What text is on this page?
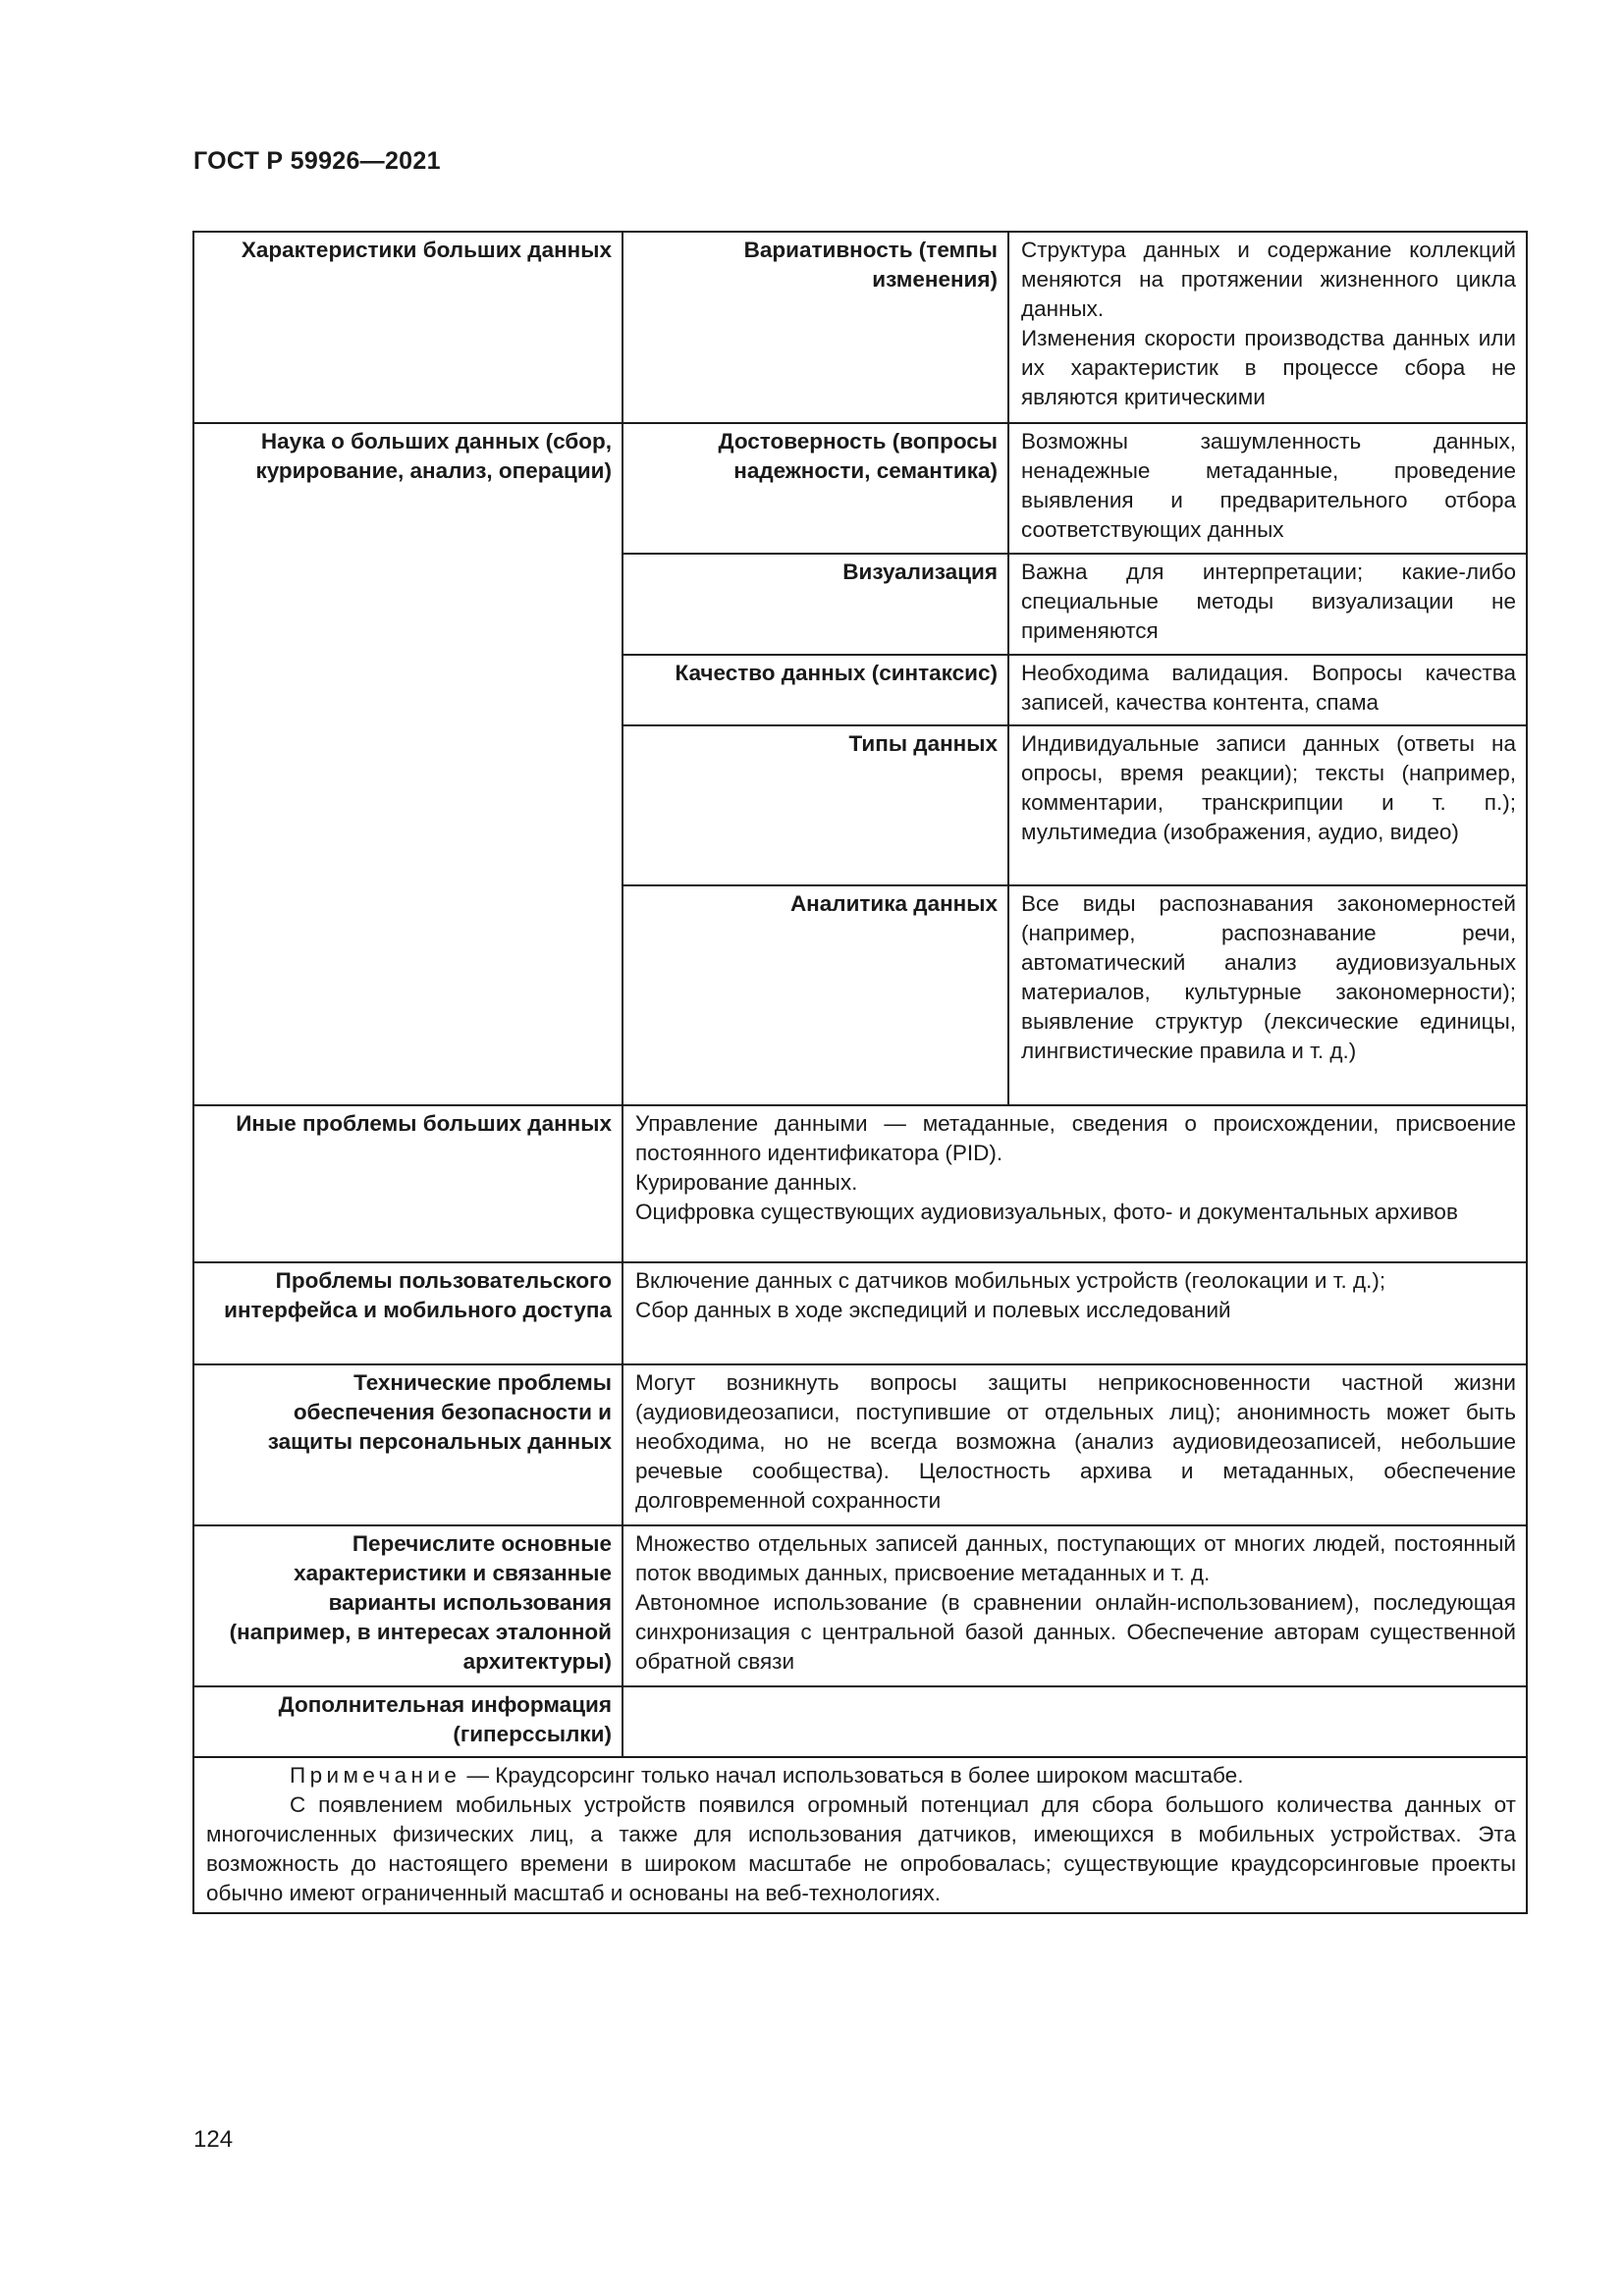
ГОСТ Р 59926—2021
Характеристики больших данных	Вариативность (темпы изменения)	Структура данных и содержание коллекций меняются на протяжении жизненного цикла данных.
Изменения скорости производства данных или их характеристик в процессе сбора не являются критическими

Наука о больших данных (сбор, курирование, анализ, операции)	Достоверность (вопросы надежности, семантика)	Возможны зашумленность данных, ненадежные метаданные, проведение выявления и предварительного отбора соответствующих данных
	Визуализация	Важна для интерпретации; какие-либо специальные методы визуализации не применяются
	Качество данных (синтаксис)	Необходима валидация. Вопросы качества записей, качества контента, спама
	Типы данных	Индивидуальные записи данных (ответы на опросы, время реакции); тексты (например, комментарии, транскрипции и т. п.); мультимедиа (изображения, аудио, видео)
	Аналитика данных	Все виды распознавания закономерностей (например, распознавание речи, автоматический анализ аудиовизуальных материалов, культурные закономерности); выявление структур (лексические единицы, лингвистические правила и т. д.)
Иные проблемы больших данных	Управление данными — метаданные, сведения о происхождении, присвоение постоянного идентификатора (PID).
Курирование данных.
Оцифровка существующих аудиовизуальных, фото- и документальных архивов	

Проблемы пользовательского интерфейса и мобильного доступа	Включение данных с датчиков мобильных устройств (геолокации и т. д.);
Сбор данных в ходе экспедиций и полевых исследований	

Технические проблемы обеспечения безопасности и защиты персональных данных	Могут возникнуть вопросы защиты неприкосновенности частной жизни (аудиовидеозаписи, поступившие от отдельных лиц); анонимность может быть необходима, но не всегда возможна (анализ аудиовидеозаписей, небольшие речевые сообщества). Целостность архива и метаданных, обеспечение долговременной сохранности	
Перечислите основные характеристики и связанные варианты использования (например, в интересах эталонной архитектуры)	Множество отдельных записей данных, поступающих от многих людей, постоянный поток вводимых данных, присвоение метаданных и т. д.
Автономное использование (в сравнении онлайн-использованием), последующая синхронизация с центральной базой данных. Обеспечение авторам существенной обратной связи	

Дополнительная информация (гиперссылки)		

Примечание — Краудсорсинг только начал использоваться в более широком масштабе.
С появлением мобильных устройств появился огромный потенциал для сбора большого количества данных от многочисленных физических лиц, а также для использования датчиков, имеющихся в мобильных устройствах. Эта возможность до настоящего времени в широком масштабе не опробовалась; существующие краудсорсинговые проекты обычно имеют ограниченный масштаб и основаны на веб-технологиях.		
124
